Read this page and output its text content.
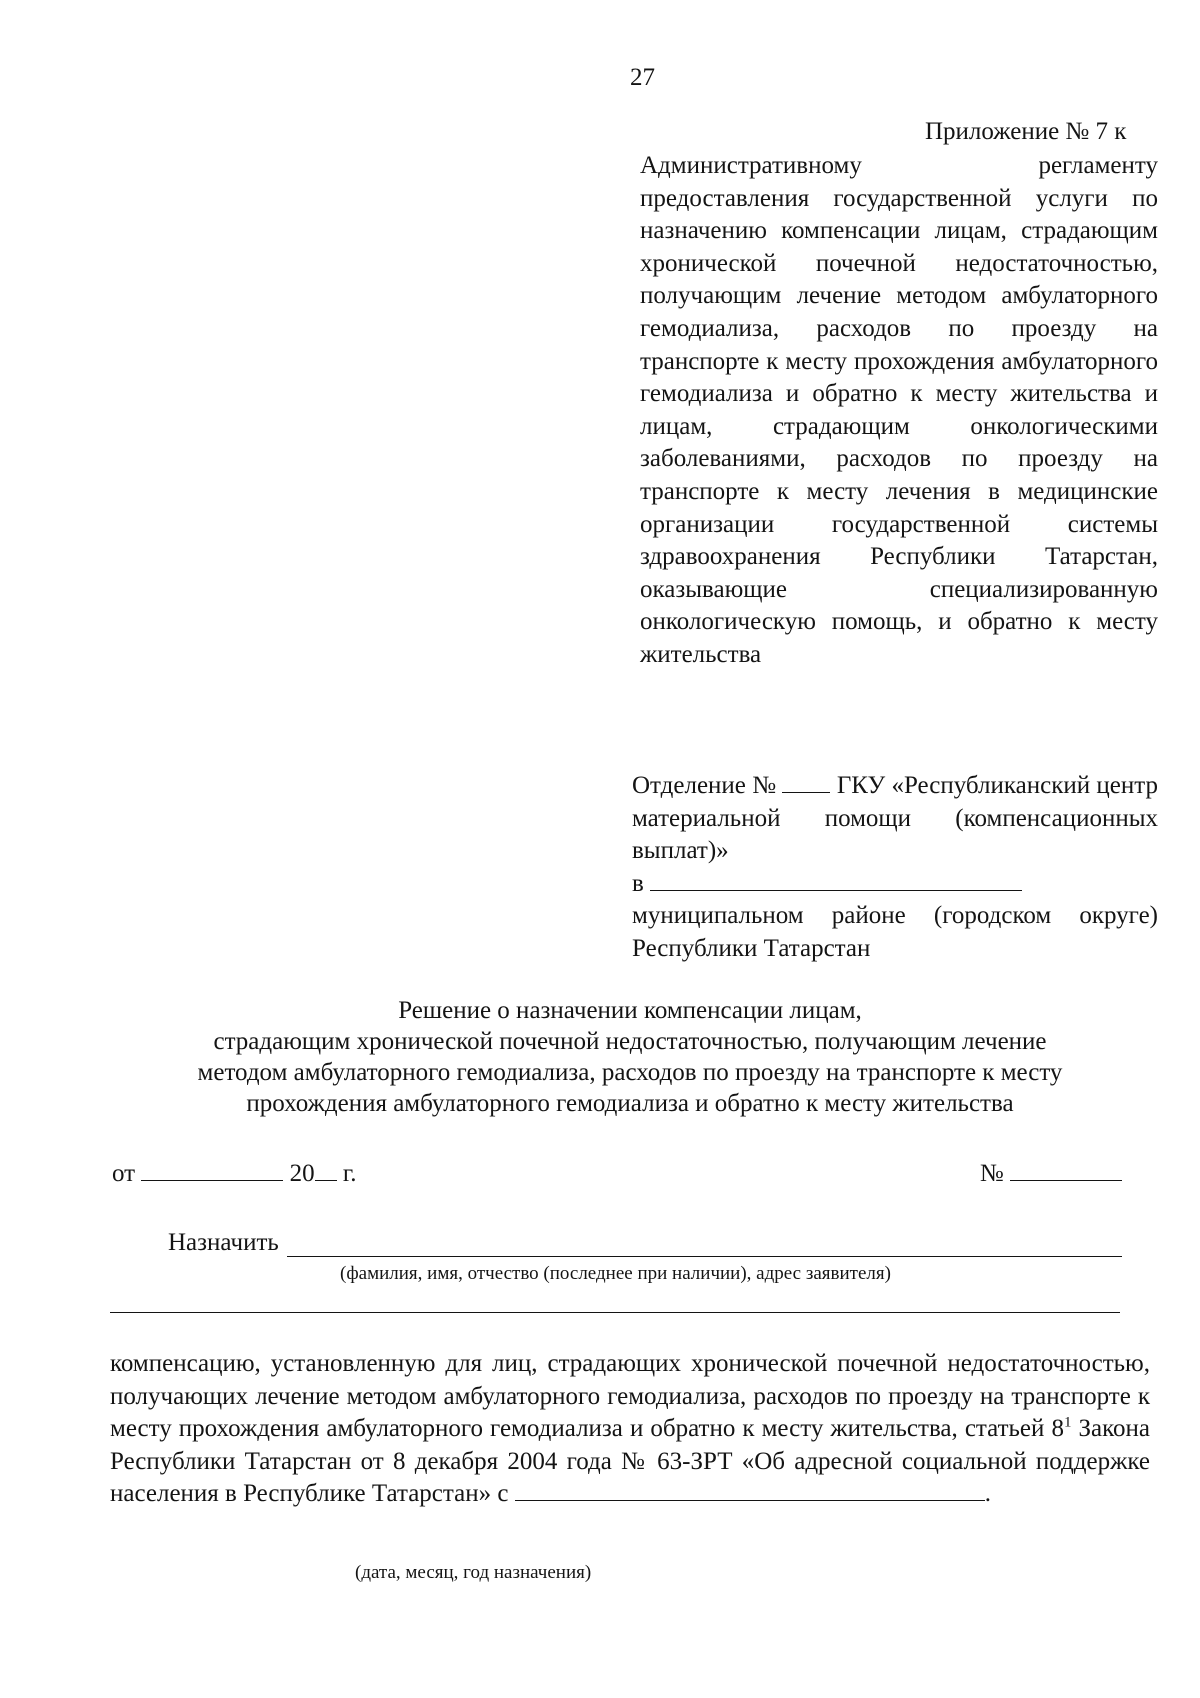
27
Приложение № 7 к
Административному регламенту предоставления государственной услуги по назначению компенсации лицам, страдающим хронической почечной недостаточностью, получающим лечение методом амбулаторного гемодиализа, расходов по проезду на транспорте к месту прохождения амбулаторного гемодиализа и обратно к месту жительства и лицам, страдающим онкологическими заболеваниями, расходов по проезду на транспорте к месту лечения в медицинские организации государственной системы здравоохранения Республики Татарстан, оказывающие специализированную онкологическую помощь, и обратно к месту жительства
Отделение № ГКУ «Республиканский центр материальной помощи (компенсационных выплат)»
в
муниципальном районе (городском округе) Республики Татарстан
Решение о назначении компенсации лицам,
страдающим хронической почечной недостаточностью, получающим лечение
методом амбулаторного гемодиализа, расходов по проезду на транспорте к месту
прохождения амбулаторного гемодиализа и обратно к месту жительства
от	20 г.	№
Назначить
(фамилия, имя, отчество (последнее при наличии), адрес заявителя)
компенсацию, установленную для лиц, страдающих хронической почечной недостаточностью, получающих лечение методом амбулаторного гемодиализа, расходов по проезду на транспорте к месту прохождения амбулаторного гемодиализа и обратно к месту жительства, статьей $8^1$ Закона Республики Татарстан от 8 декабря 2004 года № 63-ЗРТ «Об адресной социальной поддержке населения в Республике Татарстан» с	.
(дата, месяц, год назначения)
